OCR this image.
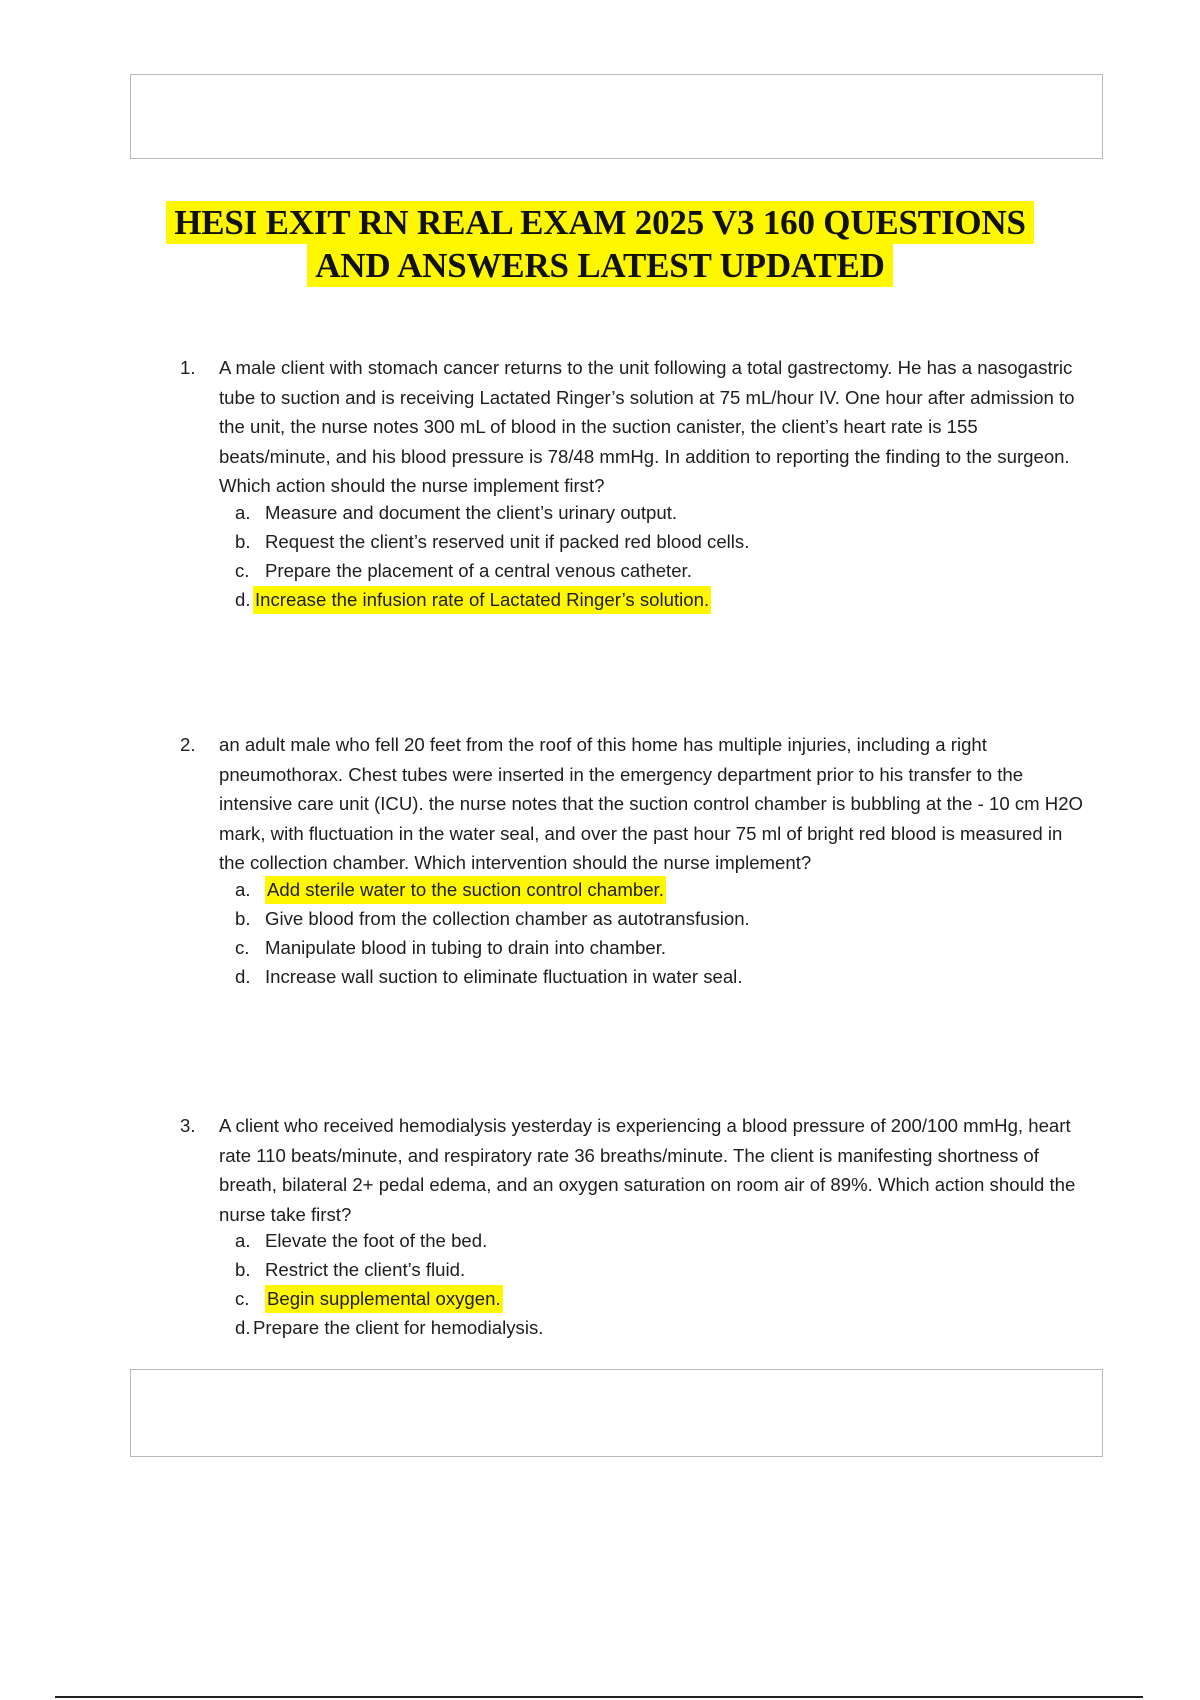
HESI EXIT RN REAL EXAM 2025 V3 160 QUESTIONS
AND ANSWERS LATEST UPDATED
1.	A male client with stomach cancer returns to the unit following a total gastrectomy. He has a nasogastric tube to suction and is receiving Lactated Ringer’s solution at 75 mL/hour IV. One hour after admission to the unit, the nurse notes 300 mL of blood in the suction canister, the client’s heart rate is 155 beats/minute, and his blood pressure is 78/48 mmHg. In addition to reporting the finding to the surgeon. Which action should the nurse implement first?
a. Measure and document the client’s urinary output.
b. Request the client’s reserved unit if packed red blood cells.
c. Prepare the placement of a central venous catheter.
d. Increase the infusion rate of Lactated Ringer’s solution.
2.	an adult male who fell 20 feet from the roof of this home has multiple injuries, including a right pneumothorax. Chest tubes were inserted in the emergency department prior to his transfer to the intensive care unit (ICU). the nurse notes that the suction control chamber is bubbling at the - 10 cm H2O mark, with fluctuation in the water seal, and over the past hour 75 ml of bright red blood is measured in the collection chamber. Which intervention should the nurse implement?
a. Add sterile water to the suction control chamber.
b. Give blood from the collection chamber as autotransfusion.
c. Manipulate blood in tubing to drain into chamber.
d. Increase wall suction to eliminate fluctuation in water seal.
3.	A client who received hemodialysis yesterday is experiencing a blood pressure of 200/100 mmHg, heart rate 110 beats/minute, and respiratory rate 36 breaths/minute. The client is manifesting shortness of breath, bilateral 2+ pedal edema, and an oxygen saturation on room air of 89%. Which action should the nurse take first?
a. Elevate the foot of the bed.
b. Restrict the client’s fluid.
c. Begin supplemental oxygen.
d. Prepare the client for hemodialysis.
